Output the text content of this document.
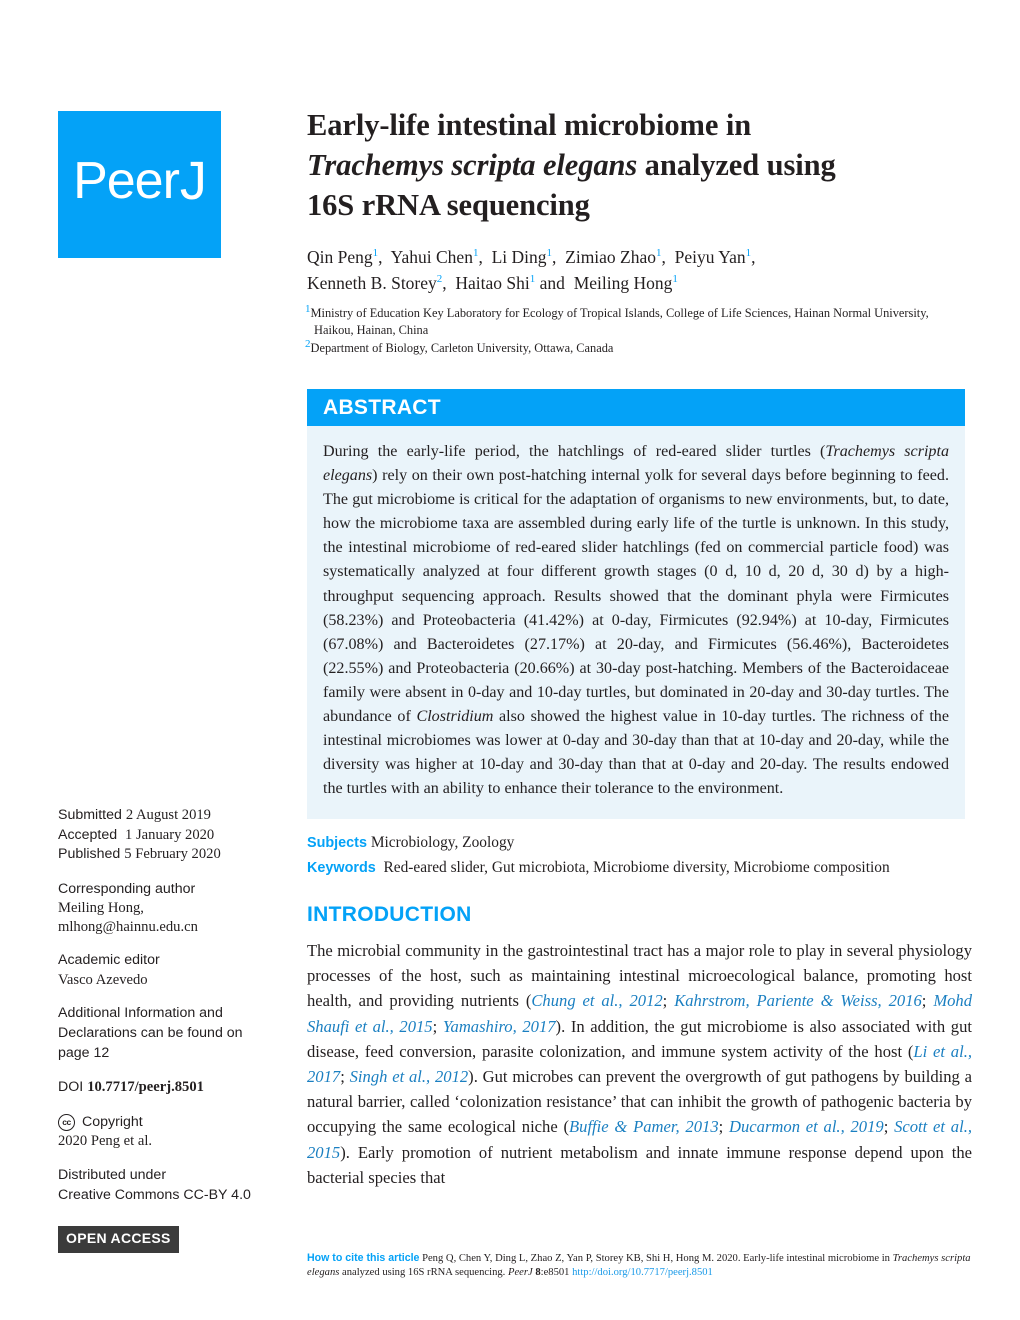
Peer J
Early-life intestinal microbiome in
Trachemys scripta elegans analyzed using
16S rRNA sequencing
Qin Peng$^1$,  Yahui Chen$^1$,  Li Ding$^1$,  Zimiao Zhao$^1$,  Peiyu Yan$^1$,
Kenneth B. Storey$^2$,  Haitao Shi$^1$ and  Meiling Hong$^1$
$^1$Ministry of Education Key Laboratory for Ecology of Tropical Islands, College of Life Sciences, Hainan Normal University, Haikou, Hainan, China
$^2$Department of Biology, Carleton University, Ottawa, Canada
ABSTRACT
During the early-life period, the hatchlings of red-eared slider turtles (Trachemys scripta elegans) rely on their own post-hatching internal yolk for several days before beginning to feed. The gut microbiome is critical for the adaptation of organisms to new environments, but, to date, how the microbiome taxa are assembled during early life of the turtle is unknown. In this study, the intestinal microbiome of red-eared slider hatchlings (fed on commercial particle food) was systematically analyzed at four different growth stages (0 d, 10 d, 20 d, 30 d) by a high-throughput sequencing approach. Results showed that the dominant phyla were Firmicutes (58.23%) and Proteobacteria (41.42%) at 0-day, Firmicutes (92.94%) at 10-day, Firmicutes (67.08%) and Bacteroidetes (27.17%) at 20-day, and Firmicutes (56.46%), Bacteroidetes (22.55%) and Proteobacteria (20.66%) at 30-day post-hatching. Members of the Bacteroidaceae family were absent in 0-day and 10-day turtles, but dominated in 20-day and 30-day turtles. The abundance of Clostridium also showed the highest value in 10-day turtles. The richness of the intestinal microbiomes was lower at 0-day and 30-day than that at 10-day and 20-day, while the diversity was higher at 10-day and 30-day than that at 0-day and 20-day. The results endowed the turtles with an ability to enhance their tolerance to the environment.
Submitted 2 August 2019
Accepted 1 January 2020
Published 5 February 2020
Corresponding author
Meiling Hong,
mlhong@hainnu.edu.cn
Academic editor
Vasco Azevedo
Additional Information and
Declarations can be found on
page 12
DOI 10.7717/peerj.8501
cc Copyright
2020 Peng et al.
Distributed under
Creative Commons CC-BY 4.0
OPEN ACCESS
Subjects Microbiology, Zoology
Keywords Red-eared slider, Gut microbiota, Microbiome diversity, Microbiome composition
INTRODUCTION
The microbial community in the gastrointestinal tract has a major role to play in several physiology processes of the host, such as maintaining intestinal microecological balance, promoting host health, and providing nutrients (Chung et al., 2012; Kahrstrom, Pariente & Weiss, 2016; Mohd Shaufi et al., 2015; Yamashiro, 2017). In addition, the gut microbiome is also associated with gut disease, feed conversion, parasite colonization, and immune system activity of the host (Li et al., 2017; Singh et al., 2012). Gut microbes can prevent the overgrowth of gut pathogens by building a natural barrier, called ‘colonization resistance’ that can inhibit the growth of pathogenic bacteria by occupying the same ecological niche (Buffie & Pamer, 2013; Ducarmon et al., 2019; Scott et al., 2015). Early promotion of nutrient metabolism and innate immune response depend upon the bacterial species that
How to cite this article Peng Q, Chen Y, Ding L, Zhao Z, Yan P, Storey KB, Shi H, Hong M. 2020. Early-life intestinal microbiome in Trachemys scripta elegans analyzed using 16S rRNA sequencing. PeerJ 8:e8501 http://doi.org/10.7717/peerj.8501
